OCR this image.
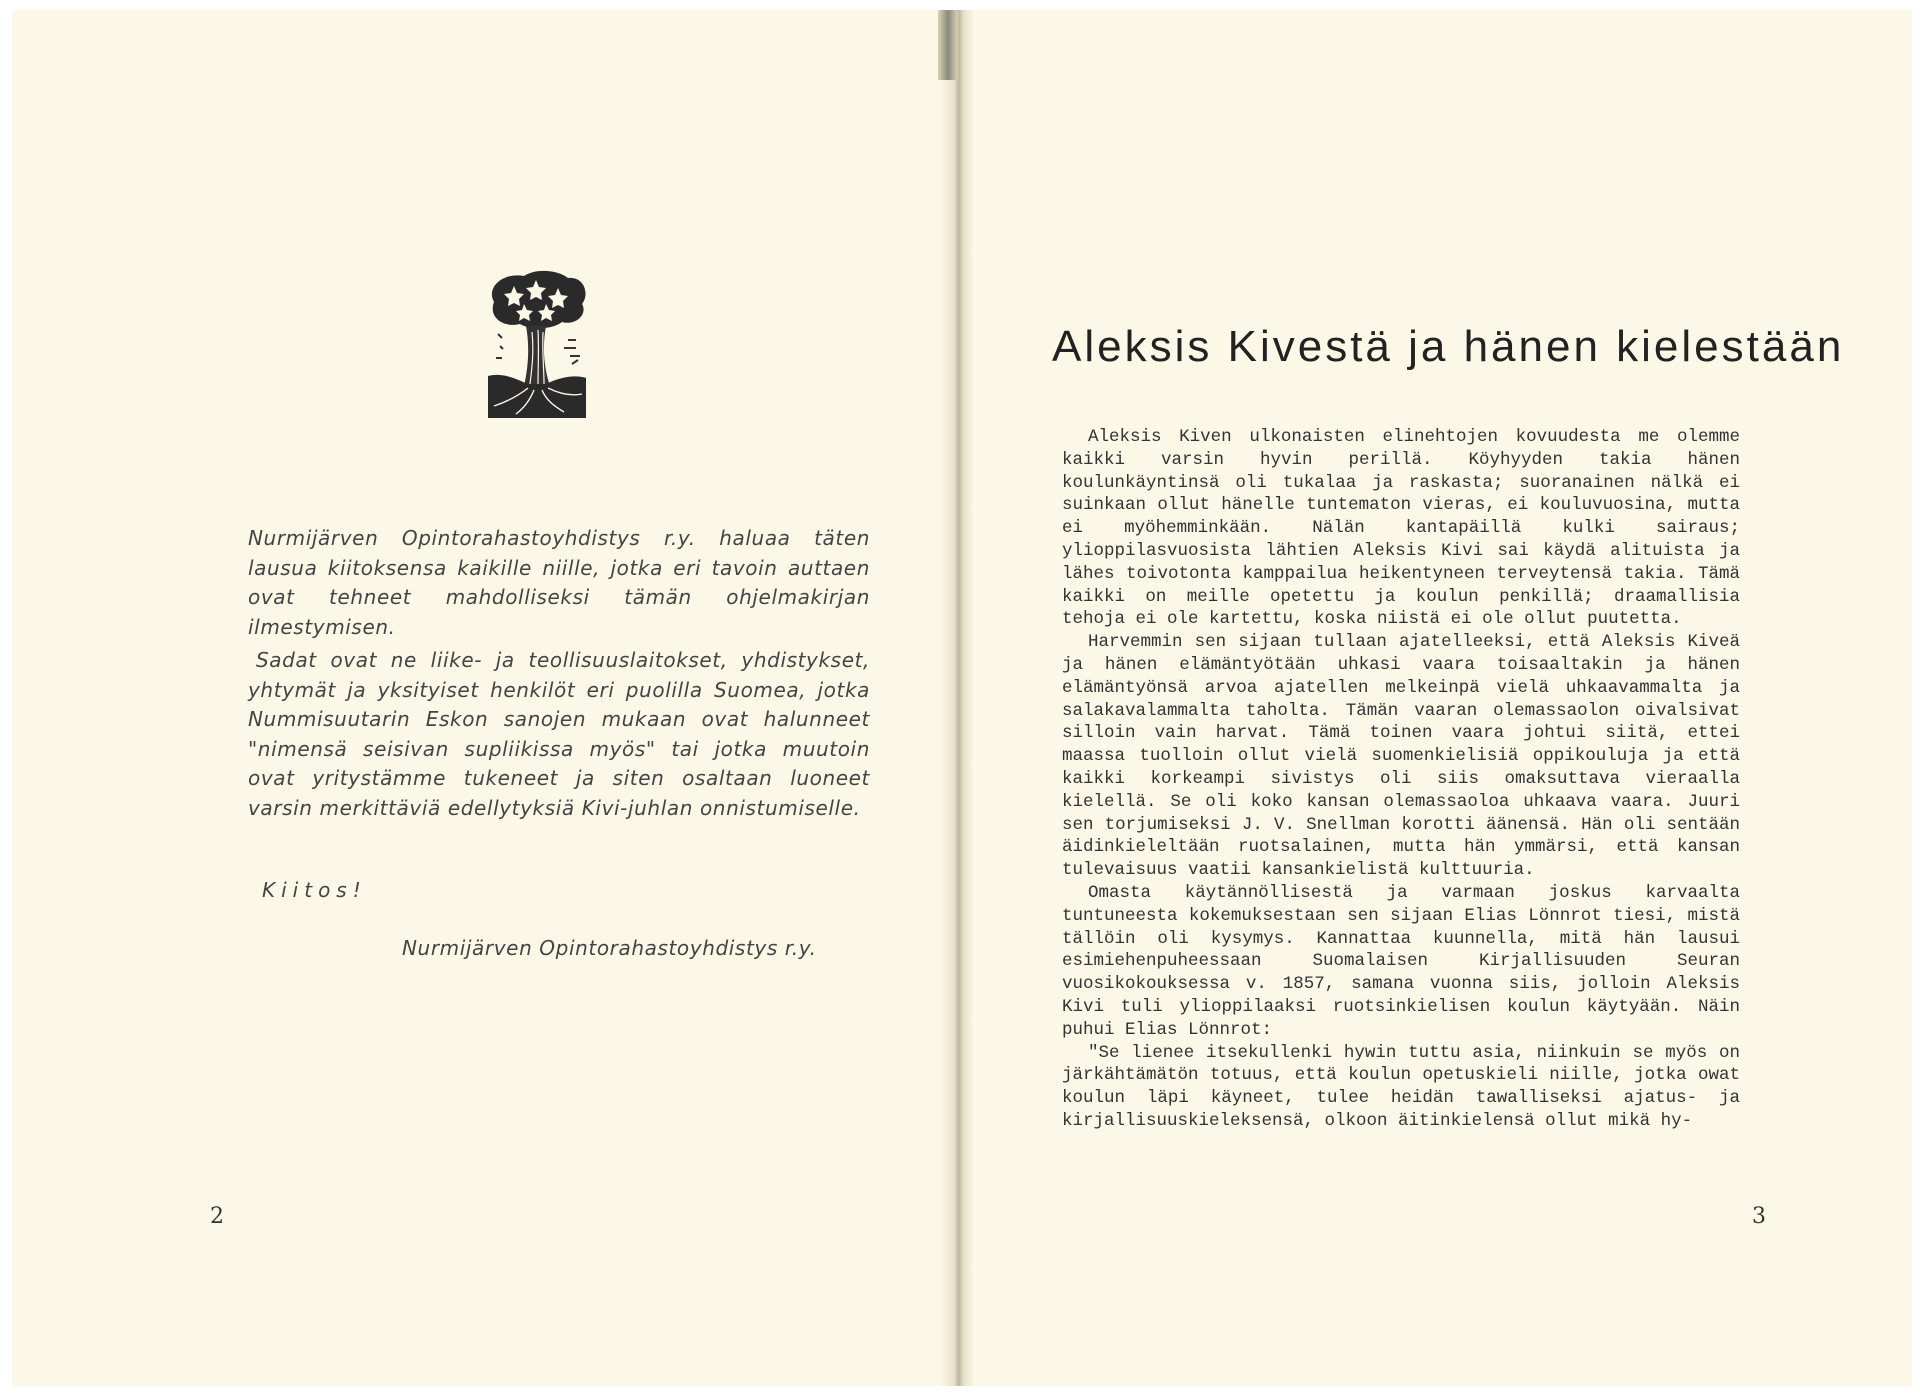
Nurmijärven Opintorahastoyhdistys r.y. haluaa täten lausua kiitoksensa kaikille niille, jotka eri tavoin auttaen ovat tehneet mahdolliseksi tämän ohjelmakirjan ilmestymisen.

Sadat ovat ne liike- ja teollisuuslaitokset, yhdistykset, yhtymät ja yksityiset henkilöt eri puolilla Suomea, jotka Nummisuutarin Eskon sanojen mukaan ovat halunneet "nimensä seisivan supliikissa myös" tai jotka muutoin ovat yritystämme tukeneet ja siten osaltaan luoneet varsin merkittäviä edellytyksiä Kivi-juhlan onnistumiselle.

Kiitos!
Nurmijärven Opintorahastoyhdistys r.y.
2
Aleksis Kivestä ja hänen kielestään

Aleksis Kiven ulkonaisten elinehtojen kovuudesta me olemme kaikki varsin hyvin perillä. Köyhyyden takia hänen koulunkäyntinsä oli tukalaa ja raskasta; suoranainen nälkä ei suinkaan ollut hänelle tuntematon vieras, ei kouluvuosina, mutta ei myöhemminkään. Nälän kantapäillä kulki sairaus; ylioppilasvuosista lähtien Aleksis Kivi sai käydä alituista ja lähes toivotonta kamppailua heikentyneen terveytensä takia. Tämä kaikki on meille opetettu ja koulun penkillä; draamallisia tehoja ei ole kartettu, koska niistä ei ole ollut puutetta.

Harvemmin sen sijaan tullaan ajatelleeksi, että Aleksis Kiveä ja hänen elämäntyötään uhkasi vaara toisaaltakin ja hänen elämäntyönsä arvoa ajatellen melkeinpä vielä uhkaavammalta ja salakavalammalta taholta. Tämän vaaran olemassaolon oivalsivat silloin vain harvat. Tämä toinen vaara johtui siitä, ettei maassa tuolloin ollut vielä suomenkielisiä oppikouluja ja että kaikki korkeampi sivistys oli siis omaksuttava vieraalla kielellä. Se oli koko kansan olemassaoloa uhkaava vaara. Juuri sen torjumiseksi J. V. Snellman korotti äänensä. Hän oli sentään äidinkieleltään ruotsalainen, mutta hän ymmärsi, että kansan tulevaisuus vaatii kansankielistä kulttuuria.

Omasta käytännöllisestä ja varmaan joskus karvaalta tuntuneesta kokemuksestaan sen sijaan Elias Lönnrot tiesi, mistä tällöin oli kysymys. Kannattaa kuunnella, mitä hän lausui esimiehenpuheessaan Suomalaisen Kirjallisuuden Seuran vuosikokouksessa v. 1857, samana vuonna siis, jolloin Aleksis Kivi tuli ylioppilaaksi ruotsinkielisen koulun käytyään. Näin puhui Elias Lönnrot:

"Se lienee itsekullenki hywin tuttu asia, niinkuin se myös on järkähtämätön totuus, että koulun opetuskieli niille, jotka owat koulun läpi käyneet, tulee heidän tawalliseksi ajatus- ja kirjallisuuskieleksensä, olkoon äitinkielensä ollut mikä hy-

3
